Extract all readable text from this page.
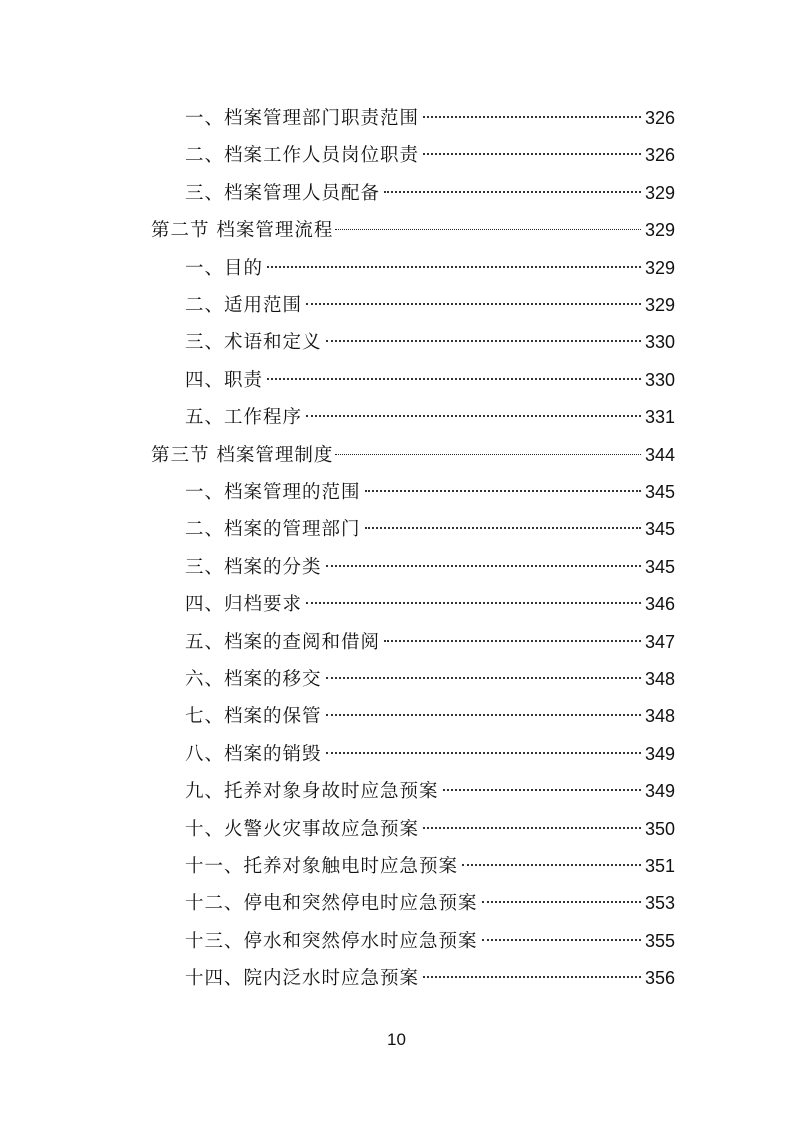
一、档案管理部门职责范围	326
二、档案工作人员岗位职责	326
三、档案管理人员配备	329
第二节 档案管理流程	329
一、目的	329
二、适用范围	329
三、术语和定义	330
四、职责	330
五、工作程序	331
第三节 档案管理制度	344
一、档案管理的范围	345
二、档案的管理部门	345
三、档案的分类	345
四、归档要求	346
五、档案的查阅和借阅	347
六、档案的移交	348
七、档案的保管	348
八、档案的销毁	349
九、托养对象身故时应急预案	349
十、火警火灾事故应急预案	350
十一、托养对象触电时应急预案	351
十二、停电和突然停电时应急预案	353
十三、停水和突然停水时应急预案	355
十四、院内泛水时应急预案	356
10
